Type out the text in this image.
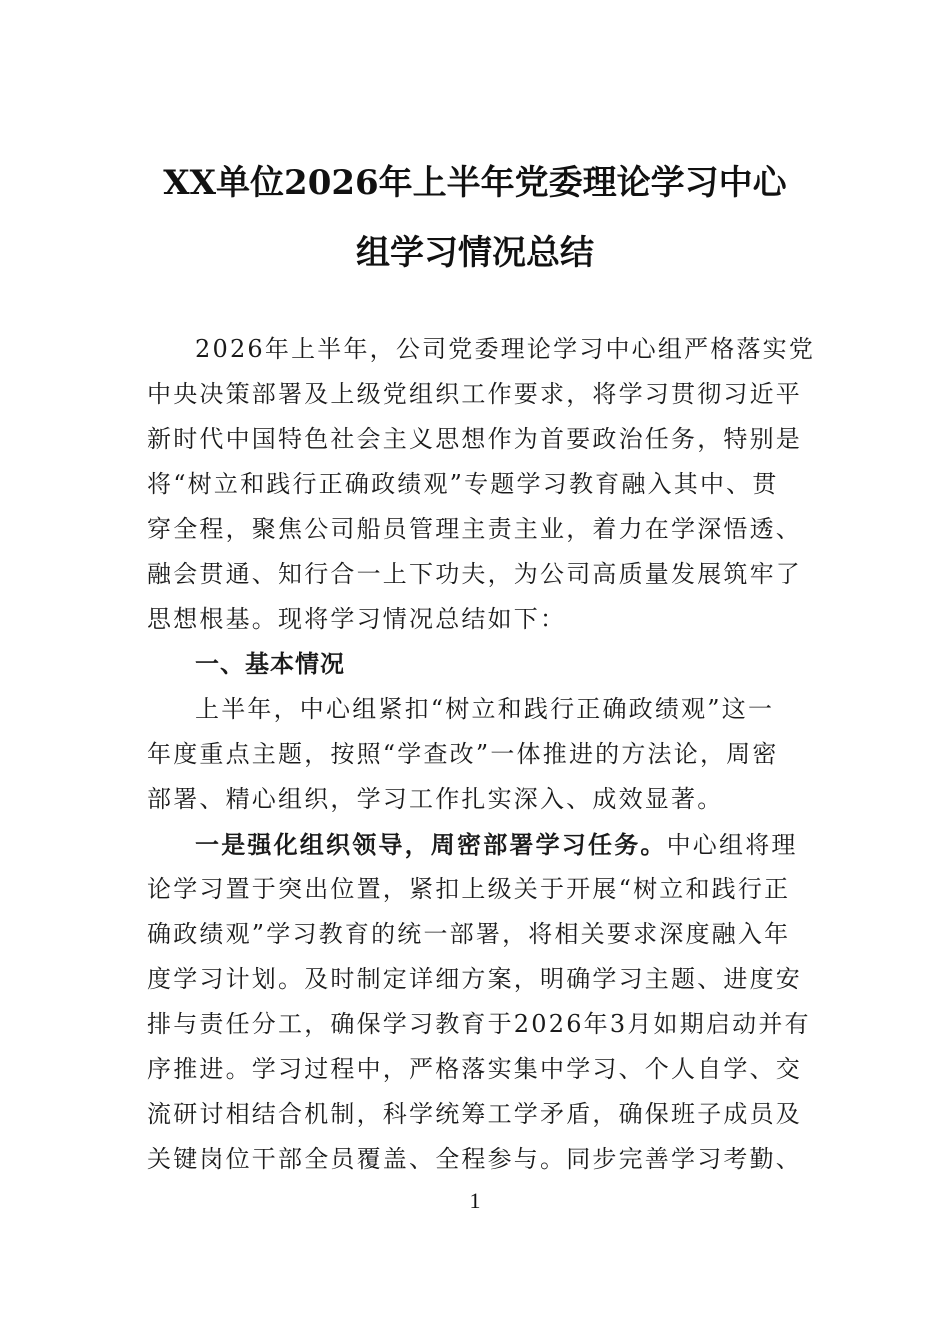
XX单位2026年上半年党委理论学习中心
组学习情况总结
2026年上半年，公司党委理论学习中心组严格落实党
中央决策部署及上级党组织工作要求，将学习贯彻习近平
新时代中国特色社会主义思想作为首要政治任务，特别是
将“树立和践行正确政绩观”专题学习教育融入其中、贯
穿全程，聚焦公司船员管理主责主业，着力在学深悟透、
融会贯通、知行合一上下功夫，为公司高质量发展筑牢了
思想根基。现将学习情况总结如下：
一、基本情况
上半年，中心组紧扣“树立和践行正确政绩观”这一
年度重点主题，按照“学查改”一体推进的方法论，周密
部署、精心组织，学习工作扎实深入、成效显著。
一是强化组织领导，周密部署学习任务。中心组将理
论学习置于突出位置，紧扣上级关于开展“树立和践行正
确政绩观”学习教育的统一部署，将相关要求深度融入年
度学习计划。及时制定详细方案，明确学习主题、进度安
排与责任分工，确保学习教育于2026年3月如期启动并有
序推进。学习过程中，严格落实集中学习、个人自学、交
流研讨相结合机制，科学统筹工学矛盾，确保班子成员及
关键岗位干部全员覆盖、全程参与。同步完善学习考勤、
1
